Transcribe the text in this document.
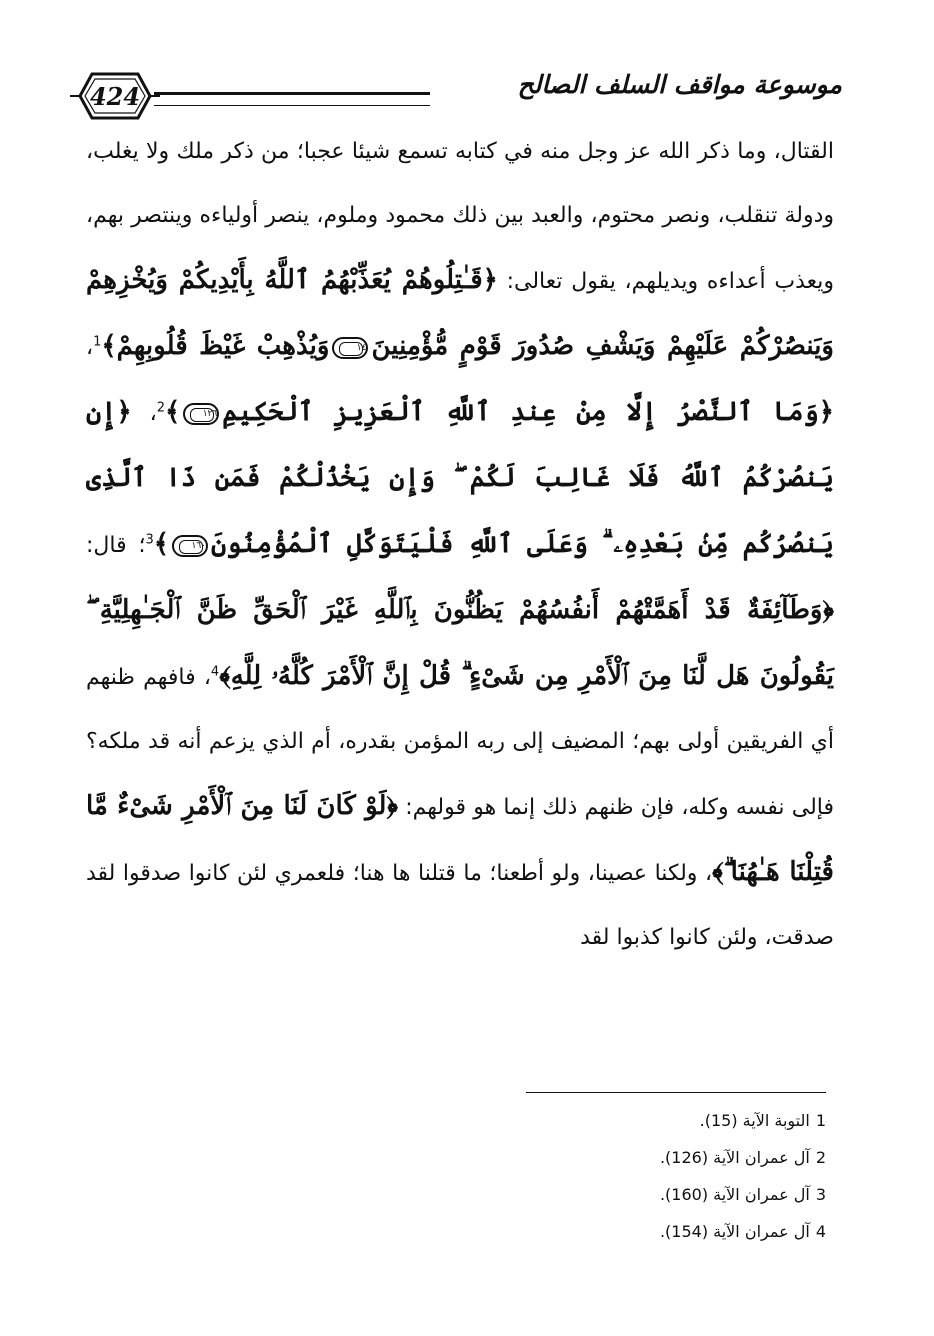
424	موسوعة مواقف السلف الصالح

القتال، وما ذكر الله عز وجل منه في كتابه تسمع شيئا عجبا؛ من ذكر ملك ولا يغلب، ودولة تنقلب، ونصر محتوم، والعبد بين ذلك محمود وملوم، ينصر أولياءه وينتصر بهم، ويعذب أعداءه ويديلهم، يقول تعالى: ﴿قَـٰتِلُوهُمْ يُعَذِّبْهُمُ ٱللَّهُ بِأَيْدِيكُمْ وَيُخْزِهِمْ وَيَنصُرْكُمْ عَلَيْهِمْ وَيَشْفِ صُدُورَ قَوْمٍ مُّؤْمِنِينَ
١٤
وَيُذْهِبْ غَيْظَ قُلُوبِهِمْ﴾$^1$، ﴿وَمَا ٱلنَّصْرُ إِلَّا مِنْ عِندِ ٱللَّهِ ٱلْعَزِيزِ ٱلْحَكِيمِ
١٢٦
﴾$^2$، ﴿إِن يَنصُرْكُمُ ٱللَّهُ فَلَا غَالِبَ لَكُمْ ۖ وَإِن يَخْذُلْكُمْ فَمَن ذَا ٱلَّذِى يَنصُرُكُم مِّنۢ بَعْدِهِۦ ۗ وَعَلَى ٱللَّهِ فَلْيَتَوَكَّلِ ٱلْمُؤْمِنُونَ
١٦٠
﴾$^3$؛ قال: ﴿وَطَآئِفَةٌ قَدْ أَهَمَّتْهُمْ أَنفُسُهُمْ يَظُنُّونَ بِٱللَّهِ غَيْرَ ٱلْحَقِّ ظَنَّ ٱلْجَـٰهِلِيَّةِ ۖ يَقُولُونَ هَل لَّنَا مِنَ ٱلْأَمْرِ مِن شَىْءٍ ۗ قُلْ إِنَّ ٱلْأَمْرَ كُلَّهُۥ لِلَّهِ﴾$^4$، فافهم ظنهم أي الفريقين أولى بهم؛ المضيف إلى ربه المؤمن بقدره، أم الذي يزعم أنه قد ملكه؟ فإلى نفسه وكله، فإن ظنهم ذلك إنما هو قولهم: ﴿لَوْ كَانَ لَنَا مِنَ ٱلْأَمْرِ شَىْءٌ مَّا قُتِلْنَا هَـٰهُنَا ۗ﴾، ولكنا عصينا، ولو أطعنا؛ ما قتلنا ها هنا؛ فلعمري لئن كانوا صدقوا لقد صدقت، ولئن كانوا كذبوا لقد

1التوبة الآية (15).
2آل عمران الآية (126).
3آل عمران الآية (160).
4آل عمران الآية (154).
